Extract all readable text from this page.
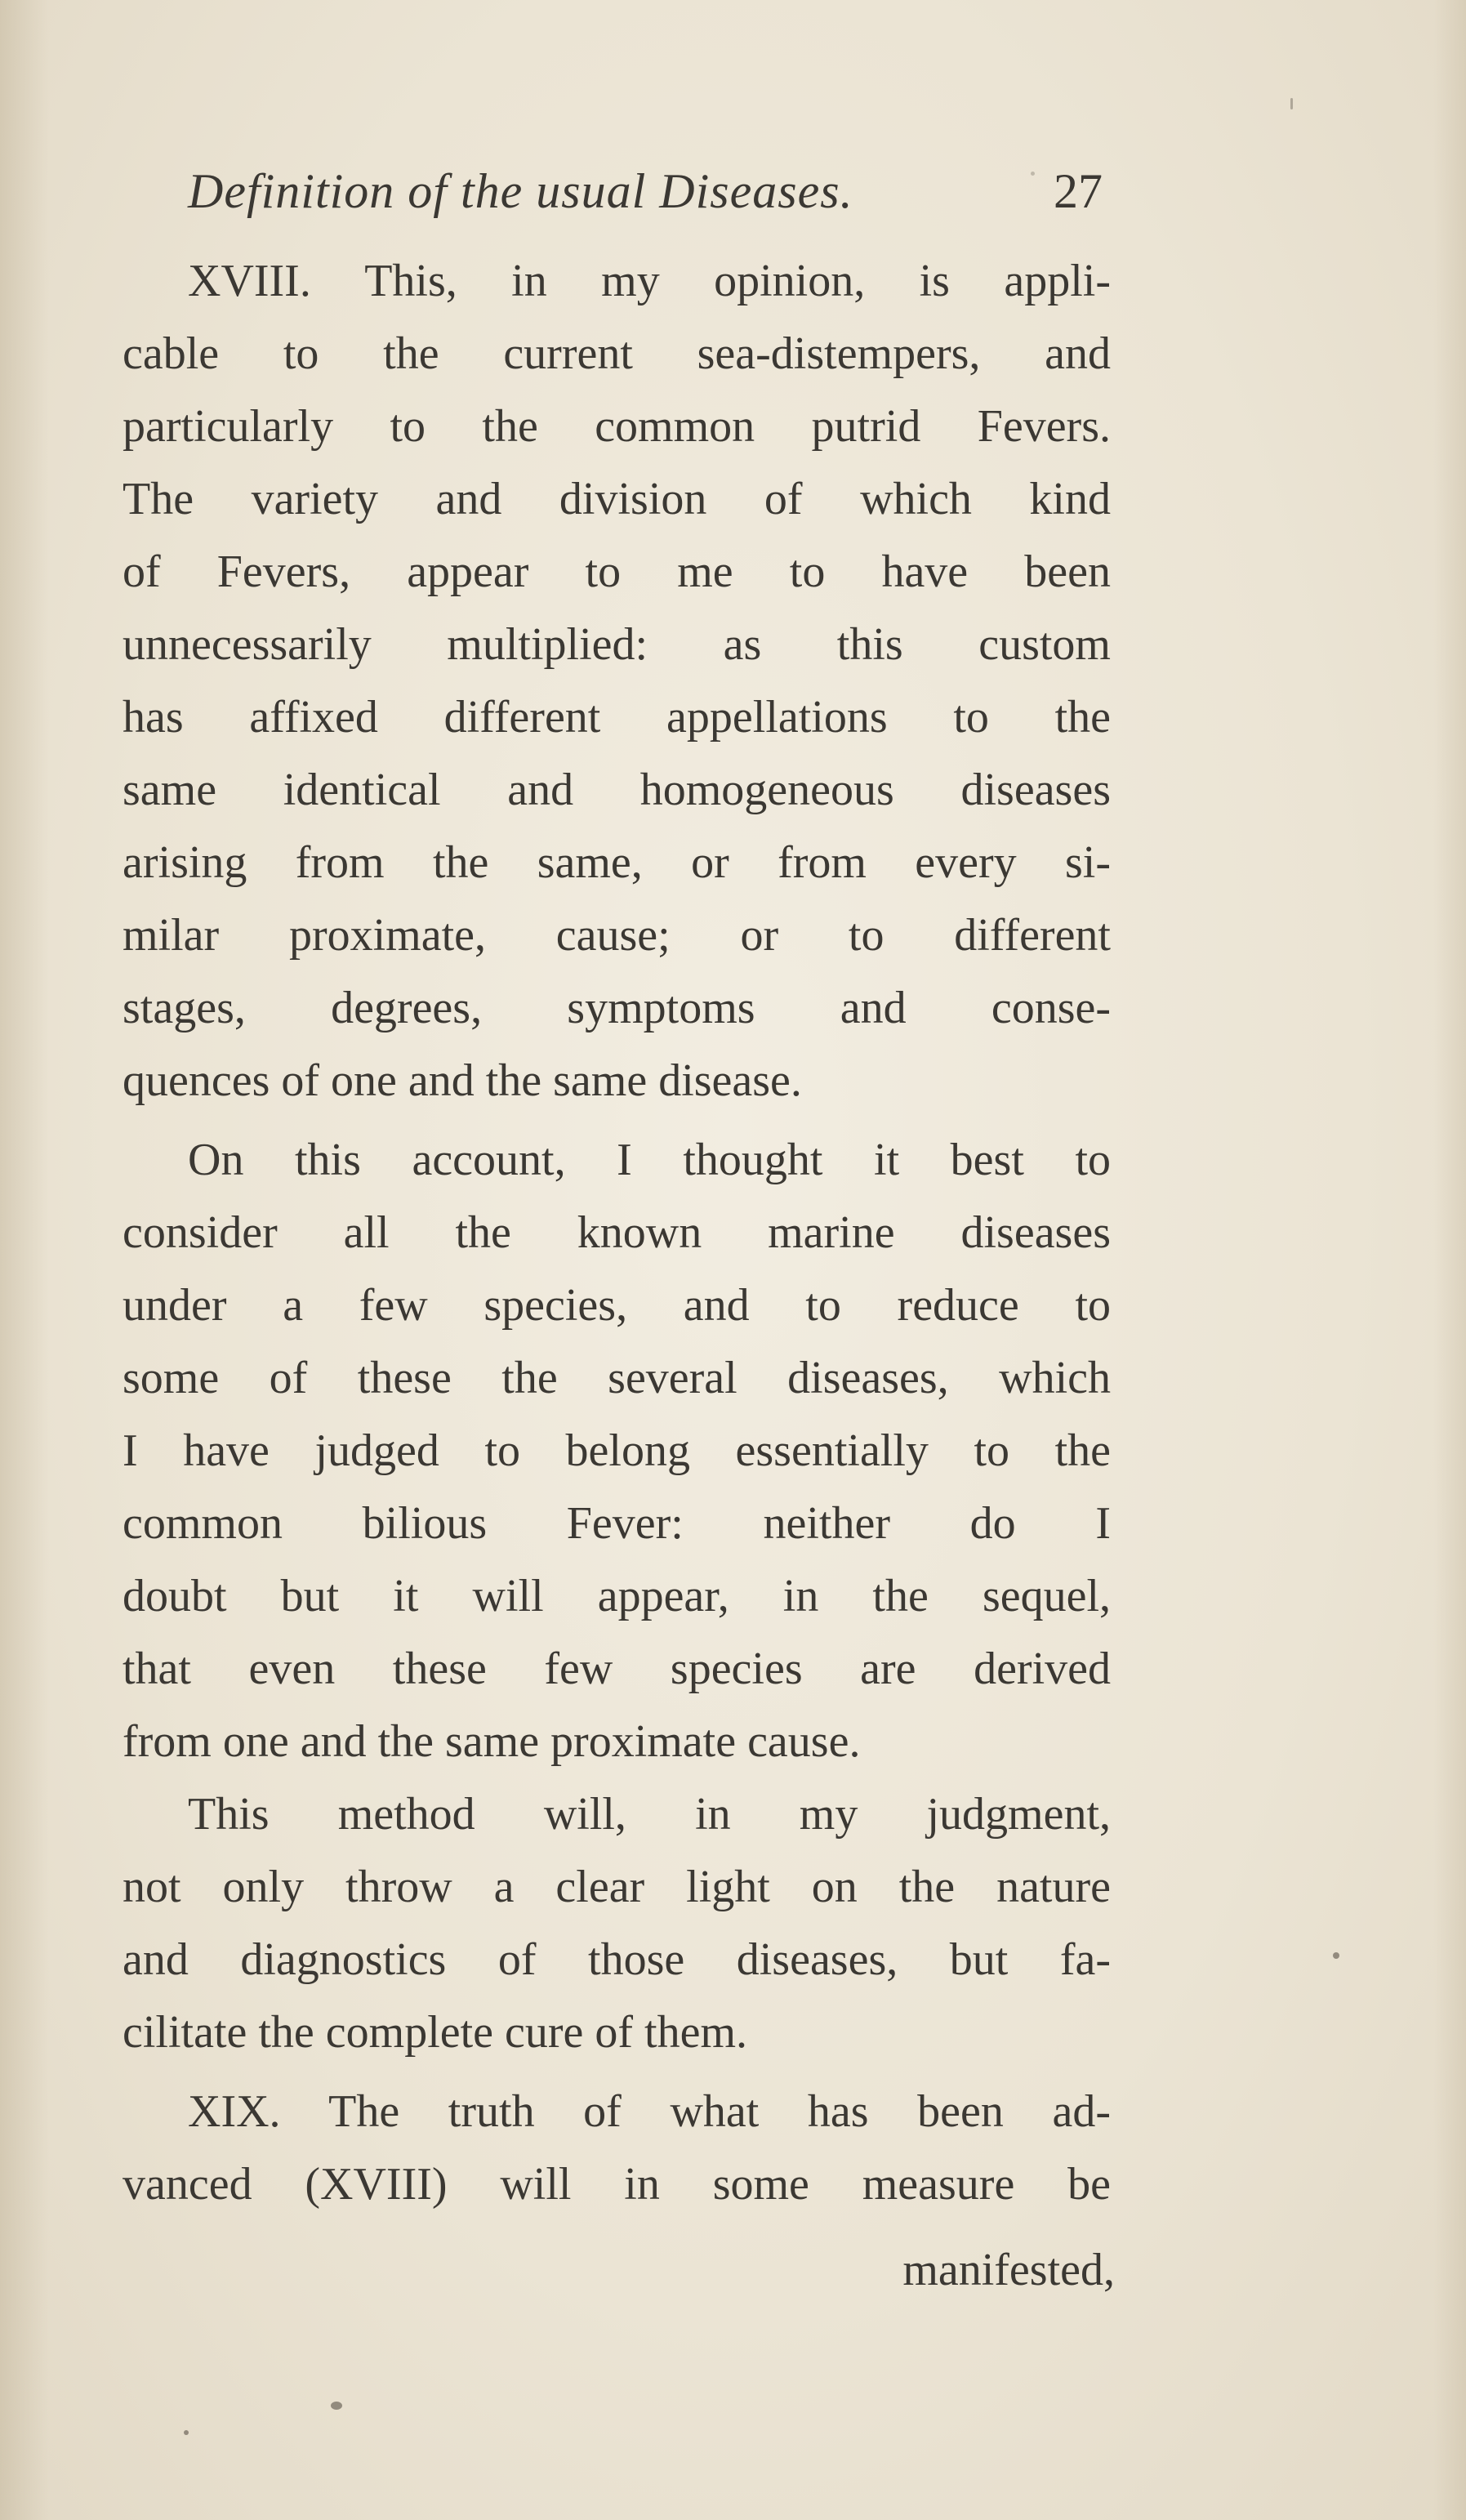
Definition of the usual Diseases.	27
XVIII. This, in my opinion, is appli-
cable to the current sea-distempers, and
particularly to the common putrid Fevers.
The variety and division of which kind
of Fevers, appear to me to have been
unnecessarily multiplied: as this custom
has affixed different appellations to the
same identical and homogeneous diseases
arising from the same, or from every si-
milar proximate, cause; or to different
stages, degrees, symptoms and conse-
quences of one and the same disease.
On this account, I thought it best to
consider all the known marine diseases
under a few species, and to reduce to
some of these the several diseases, which
I have judged to belong essentially to the
common bilious Fever: neither do I
doubt but it will appear, in the sequel,
that even these few species are derived
from one and the same proximate cause.
This method will, in my judgment,
not only throw a clear light on the nature
and diagnostics of those diseases, but fa-
cilitate the complete cure of them.
XIX. The truth of what has been ad-
vanced (XVIII) will in some measure be
manifested,
